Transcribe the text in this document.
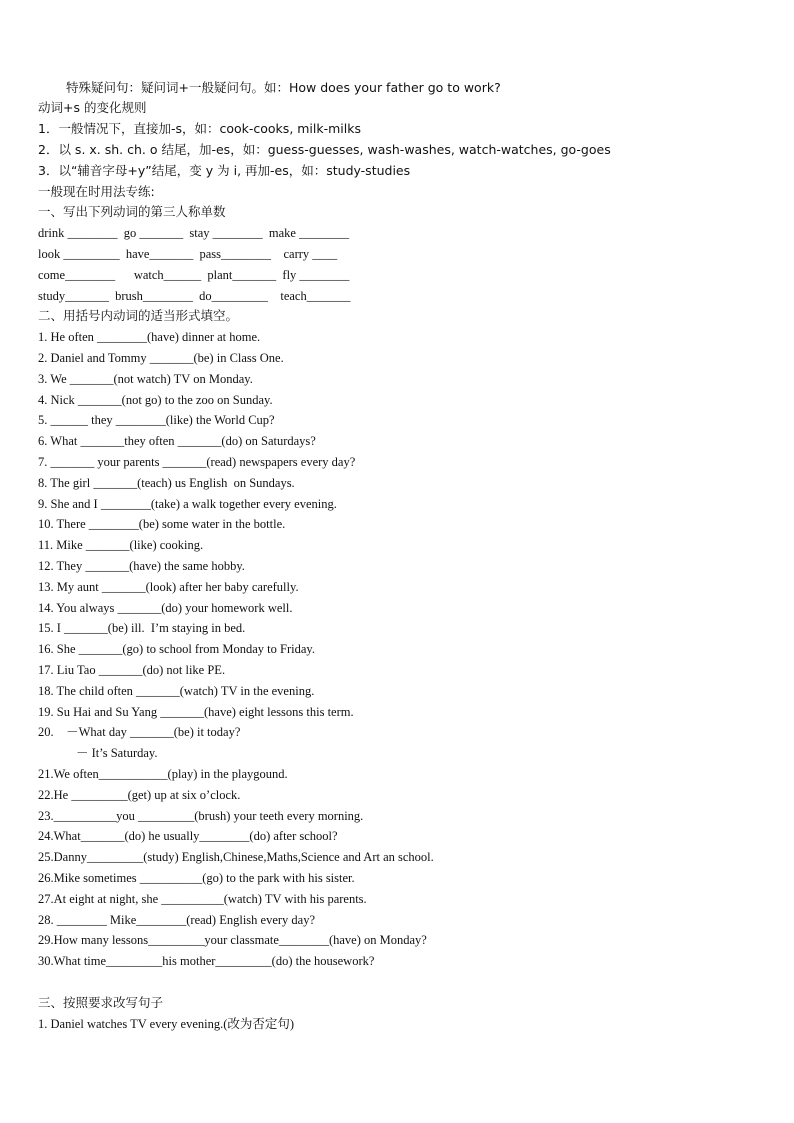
特殊疑问句：疑问词+一般疑问句。如：How does your father go to work?
动词+s 的变化规则
1．一般情况下，直接加-s，如：cook-cooks, milk-milks
2．以 s. x. sh. ch. o 结尾，加-es，如：guess-guesses, wash-washes, watch-watches, go-goes
3．以“辅音字母+y”结尾，变 y 为 i, 再加-es，如：study-studies
一般现在时用法专练:
一、写出下列动词的第三人称单数
drink ________  go _______  stay ________  make ________
look _________  have_______  pass________    carry ____
come________      watch______  plant_______  fly ________
study_______  brush________  do_________    teach_______
二、用括号内动词的适当形式填空。
1. He often ________(have) dinner at home.
2. Daniel and Tommy _______(be) in Class One.
3. We _______(not watch) TV on Monday.
4. Nick _______(not go) to the zoo on Sunday.
5. ______ they ________(like) the World Cup?
6. What _______they often _______(do) on Saturdays?
7. _______ your parents _______(read) newspapers every day?
8. The girl _______(teach) us English  on Sundays.
9. She and I ________(take) a walk together every evening.
10. There ________(be) some water in the bottle.
11. Mike _______(like) cooking.
12. They _______(have) the same hobby.
13. My aunt _______(look) after her baby carefully.
14. You always _______(do) your homework well.
15. I _______(be) ill.  I’m staying in bed.
16. She _______(go) to school from Monday to Friday.
17. Liu Tao _______(do) not like PE.
18. The child often _______(watch) TV in the evening.
19. Su Hai and Su Yang _______(have) eight lessons this term.
20.    －What day _______(be) it today?
－ It’s Saturday.
21.We often___________(play) in the playgound.
22.He _________(get) up at six o’clock.
23.__________you _________(brush) your teeth every morning.
24.What_______(do) he usually________(do) after school?
25.Danny_________(study) English,Chinese,Maths,Science and Art an school.
26.Mike sometimes __________(go) to the park with his sister.
27.At eight at night, she __________(watch) TV with his parents.
28. ________ Mike________(read) English every day?
29.How many lessons_________your classmate________(have) on Monday?
30.What time_________his mother_________(do) the housework?
三、按照要求改写句子
1. Daniel watches TV every evening.(改为否定句)
